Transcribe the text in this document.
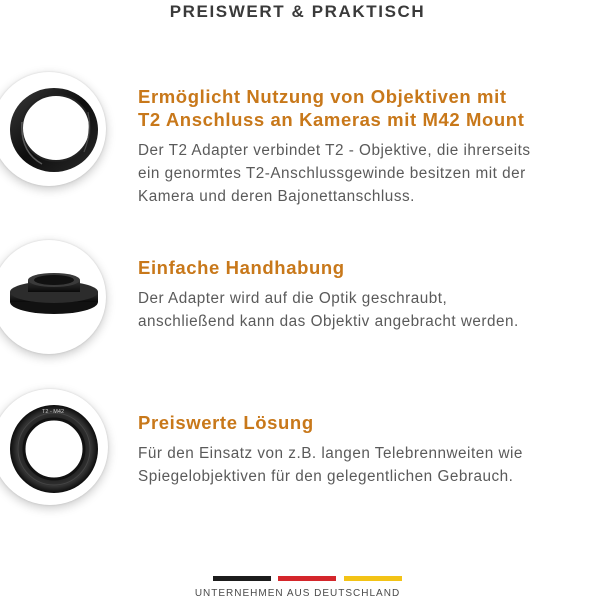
PREISWERT & PRAKTISCH
Ermöglicht Nutzung von Objektiven mit
T2 Anschluss an Kameras mit M42 Mount
Der T2 Adapter verbindet T2 - Objektive, die ihrerseits
ein genormtes T2-Anschlussgewinde besitzen mit der
Kamera und deren Bajonettanschluss.
Einfache Handhabung
Der Adapter wird auf die Optik geschraubt,
anschließend kann das Objektiv angebracht werden.
T2 - M42	Preiswerte Lösung
Für den Einsatz von z.B. langen Telebrennweiten wie
Spiegelobjektiven für den gelegentlichen Gebrauch.
UNTERNEHMEN AUS DEUTSCHLAND
